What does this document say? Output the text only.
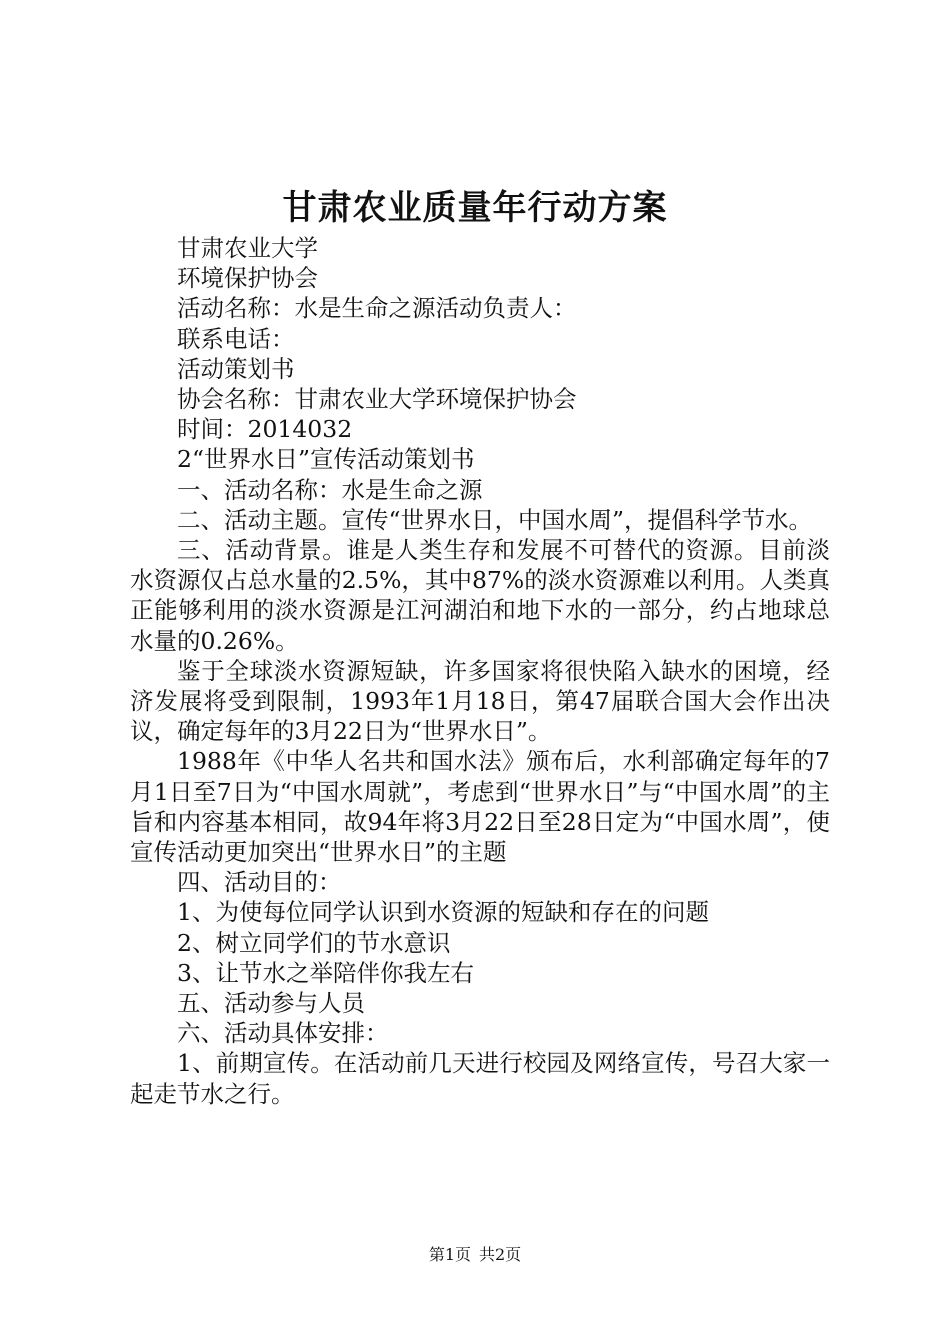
甘肃农业质量年行动方案

甘肃农业大学

环境保护协会

活动名称：水是生命之源活动负责人：

联系电话：

活动策划书

协会名称：甘肃农业大学环境保护协会

时间：2014032

2“世界水日”宣传活动策划书

一、活动名称：水是生命之源

二、活动主题。宣传“世界水日，中国水周”，提倡科学节水。

三、活动背景。谁是人类生存和发展不可替代的资源。目前淡水资源仅占总水量的2.5%，其中87%的淡水资源难以利用。人类真正能够利用的淡水资源是江河湖泊和地下水的一部分，约占地球总水量的0.26%。

鉴于全球淡水资源短缺，许多国家将很快陷入缺水的困境，经济发展将受到限制，1993年1月18日，第47届联合国大会作出决议，确定每年的3月22日为“世界水日”。

1988年《中华人名共和国水法》颁布后，水利部确定每年的7月1日至7日为“中国水周就”，考虑到“世界水日”与“中国水周”的主旨和内容基本相同，故94年将3月22日至28日定为“中国水周”，使宣传活动更加突出“世界水日”的主题

四、活动目的：

1、为使每位同学认识到水资源的短缺和存在的问题

2、树立同学们的节水意识

3、让节水之举陪伴你我左右

五、活动参与人员

六、活动具体安排：

1、前期宣传。在活动前几天进行校园及网络宣传，号召大家一起走节水之行。

第1页 共2页
